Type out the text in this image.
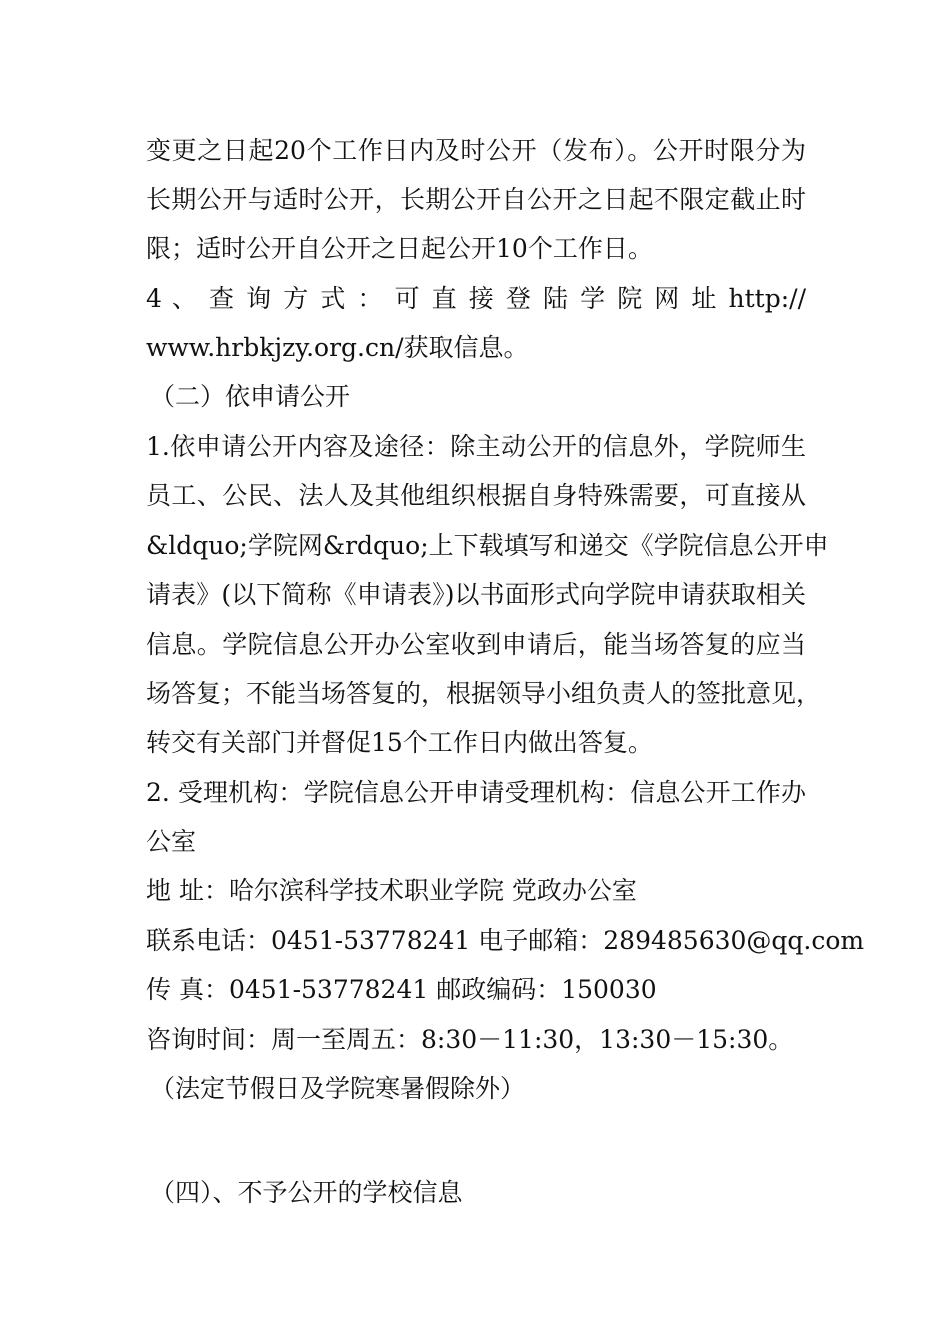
变更之日起20个工作日内及时公开（发布）。公开时限分为
长期公开与适时公开，长期公开自公开之日起不限定截止时
限；适时公开自公开之日起公开10个工作日。
4 、 查 询 方 式 ： 可 直 接 登 陆 学 院 网 址 http://
www.hrbkjzy.org.cn/获取信息。
（二）依申请公开
1.依申请公开内容及途径：除主动公开的信息外，学院师生
员工、公民、法人及其他组织根据自身特殊需要，可直接从
&ldquo;学院网&rdquo;上下载填写和递交《学院信息公开申
请表》(以下简称《申请表》)以书面形式向学院申请获取相关
信息。学院信息公开办公室收到申请后，能当场答复的应当
场答复；不能当场答复的，根据领导小组负责人的签批意见，
转交有关部门并督促15个工作日内做出答复。
2. 受理机构：学院信息公开申请受理机构：信息公开工作办
公室
地 址：哈尔滨科学技术职业学院 党政办公室
联系电话：0451-53778241 电子邮箱：289485630@qq.com
传 真：0451-53778241 邮政编码：150030
咨询时间：周一至周五：8:30－11:30，13:30－15:30。
（法定节假日及学院寒暑假除外）
（四）、不予公开的学校信息
